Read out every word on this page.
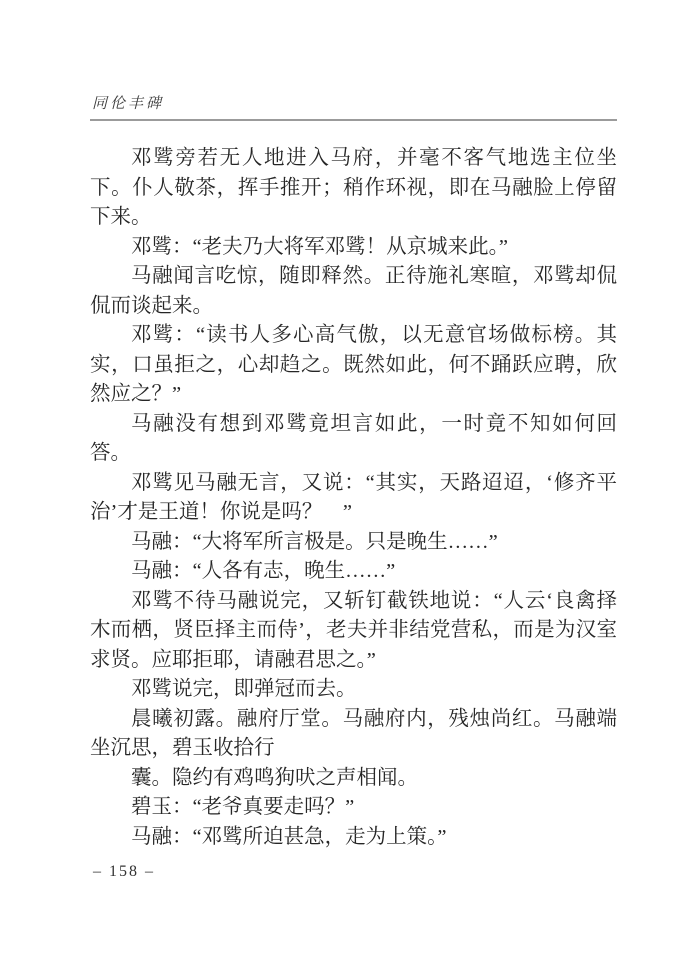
同伦丰碑

邓骘旁若无人地进入马府，并毫不客气地选主位坐下。仆人敬茶，挥手推开；稍作环视，即在马融脸上停留下来。

邓骘：“老夫乃大将军邓骘！从京城来此。”

马融闻言吃惊，随即释然。正待施礼寒暄，邓骘却侃侃而谈起来。

邓骘：“读书人多心高气傲，以无意官场做标榜。其实，口虽拒之，心却趋之。既然如此，何不踊跃应聘，欣然应之？”

马融没有想到邓骘竟坦言如此，一时竟不知如何回答。

邓骘见马融无言，又说：“其实，天路迢迢，‘修齐平治’才是王道！你说是吗？　”

马融：“大将军所言极是。只是晚生……”

马融：“人各有志，晚生……”

邓骘不待马融说完，又斩钉截铁地说：“人云‘良禽择木而栖，贤臣择主而侍’，老夫并非结党营私，而是为汉室求贤。应耶拒耶，请融君思之。”

邓骘说完，即弹冠而去。

晨曦初露。融府厅堂。马融府内，残烛尚红。马融端坐沉思，碧玉收拾行

囊。隐约有鸡鸣狗吠之声相闻。

碧玉：“老爷真要走吗？”

马融：“邓骘所迫甚急，走为上策。”

– 158 –
